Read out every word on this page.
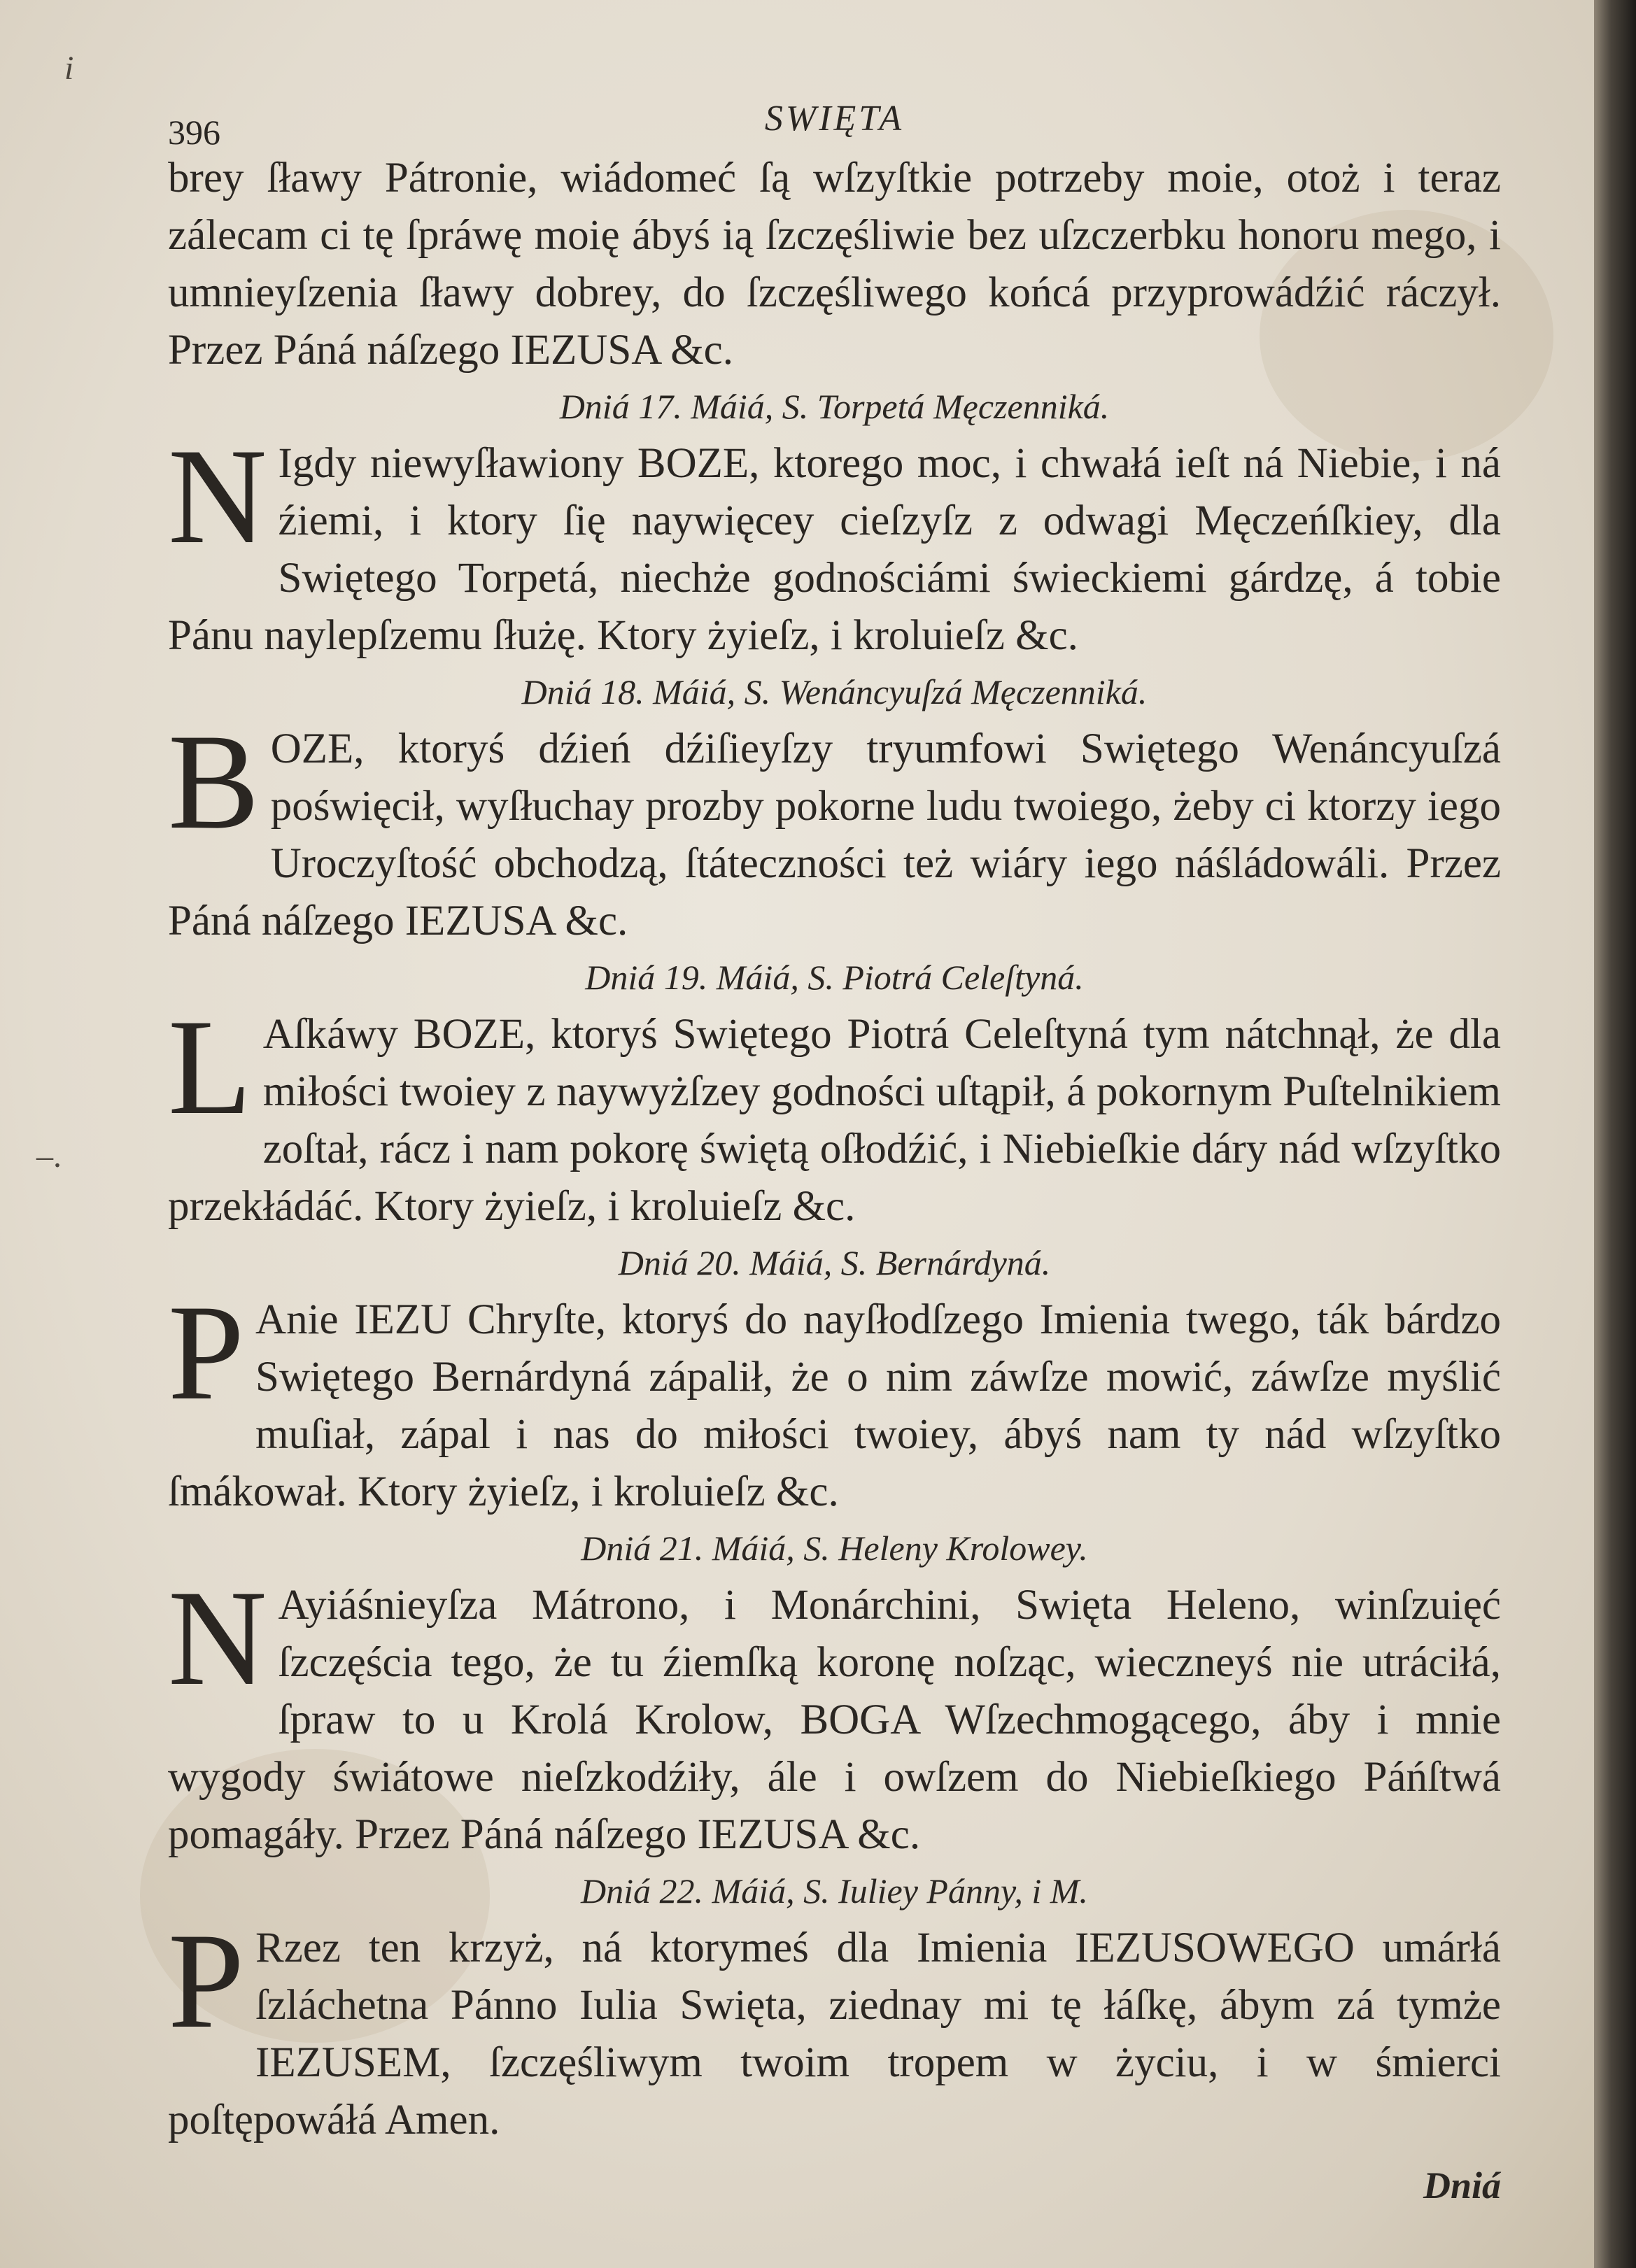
i
–.
396	SWIĘTA

brey ſławy Pátronie, wiádomeć ſą wſzyſtkie potrzeby moie, otoż i teraz zálecam ci tę ſpráwę moię ábyś ią ſzczęśliwie bez uſzczerbku honoru mego, i umnieyſzenia ſławy dobrey, do ſzczęśliwego końcá przyprowádźić ráczył. Przez Páná náſzego IEZUSA &c.

Dniá 17. Máiá, S. Torpetá Męczenniká.

N Igdy niewyſławiony BOZE, ktorego moc, i chwałá ieſt ná Niebie, i ná źiemi, i ktory ſię naywięcey cieſzyſz z odwagi Męczeńſkiey, dla Swiętego Torpetá, niechże godnościámi świeckiemi gárdzę, á tobie Pánu naylepſzemu ſłużę. Ktory żyieſz, i kroluieſz &c.

Dniá 18. Máiá, S. Wenáncyuſzá Męczenniká.

BOZE, ktoryś dźień dźiſieyſzy tryumfowi Swiętego Wenáncyuſzá poświęcił, wyſłuchay prozby pokorne ludu twoiego, żeby ci ktorzy iego Uroczyſtość obchodzą, ſtáteczności też wiáry iego náśládowáli. Przez Páná náſzego IEZUSA &c.

Dniá 19. Máiá, S. Piotrá Celeſtyná.

L Aſkáwy BOZE, ktoryś Swiętego Piotrá Celeſtyná tym nátchnął, że dla miłości twoiey z naywyżſzey godności uſtąpił, á pokornym Puſtelnikiem zoſtał, rácz i nam pokorę świętą oſłodźić, i Niebieſkie dáry nád wſzyſtko przekłádáć. Ktory żyieſz, i kroluieſz &c.

Dniá 20. Máiá, S. Bernárdyná.

P Anie IEZU Chryſte, ktoryś do nayſłodſzego Imienia twego, ták bárdzo Swiętego Bernárdyná zápalił, że o nim záwſze mowić, záwſze myślić muſiał, zápal i nas do miłości twoiey, ábyś nam ty nád wſzyſtko ſmákował. Ktory żyieſz, i kroluieſz &c.

Dniá 21. Máiá, S. Heleny Krolowey.

N Ayiáśnieyſza Mátrono, i Monárchini, Swięta Heleno, winſzuięć ſzczęścia tego, że tu źiemſką koronę noſząc, wieczneyś nie utráciłá, ſpraw to u Krolá Krolow, BOGA Wſzechmogącego, áby i mnie wygody świátowe nieſzkodźiły, ále i owſzem do Niebieſkiego Páńſtwá pomagáły. Przez Páná náſzego IEZUSA &c.

Dniá 22. Máiá, S. Iuliey Pánny, i M.

P Rzez ten krzyż, ná ktorymeś dla Imienia IEZUSOWEGO umárłá ſzláchetna Pánno Iulia Swięta, ziednay mi tę łáſkę, ábym zá tymże IEZUSEM, ſzczęśliwym twoim tropem w życiu, i w śmierci poſtępowáłá Amen.

Dniá
